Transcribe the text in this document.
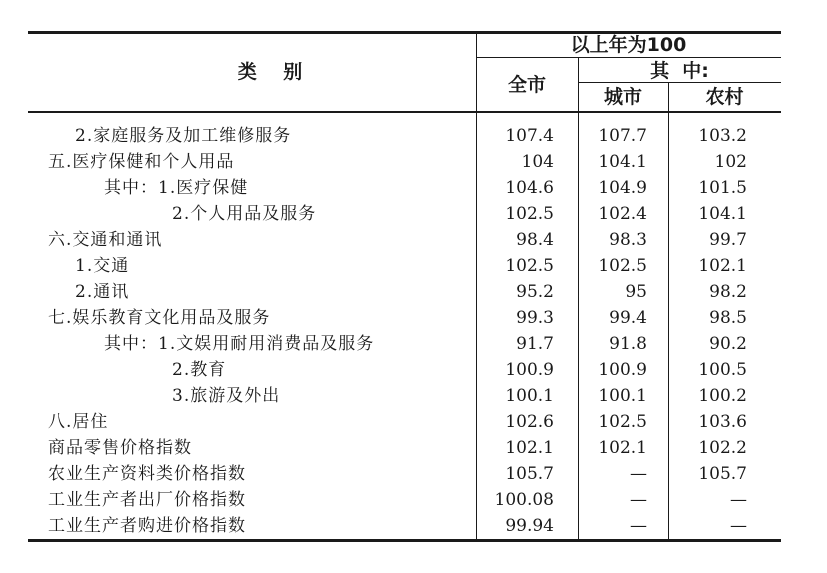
类    别
以上年为100
全市
其  中:
城市	农村
2.家庭服务及加工维修服务	107.4	107.7	103.2
五.医疗保健和个人用品	104	104.1	102
其中：1.医疗保健	104.6	104.9	101.5
2.个人用品及服务	102.5	102.4	104.1
六.交通和通讯	98.4	98.3	99.7
1.交通	102.5	102.5	102.1
2.通讯	95.2	95	98.2
七.娱乐教育文化用品及服务	99.3	99.4	98.5
其中：1.文娱用耐用消费品及服务	91.7	91.8	90.2
2.教育	100.9	100.9	100.5
3.旅游及外出	100.1	100.1	100.2
八.居住	102.6	102.5	103.6
商品零售价格指数	102.1	102.1	102.2
农业生产资料类价格指数	105.7	—	105.7
工业生产者出厂价格指数	100.08	—	—
工业生产者购进价格指数	99.94	—	—
